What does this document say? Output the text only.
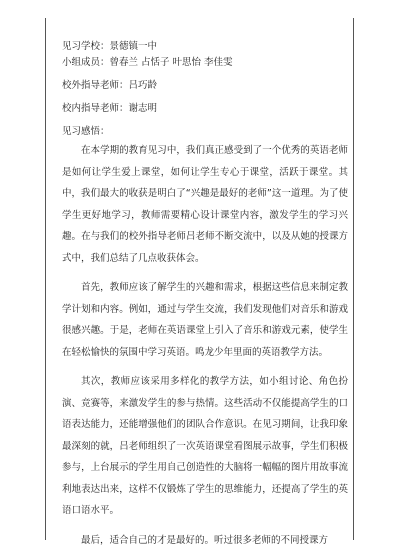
见习学校：景德镇一中
小组成员：曾春兰 占恬子 叶思怡 李佳雯
校外指导老师：吕巧龄
校内指导老师：谢志明
见习感悟：

在本学期的教育见习中，我们真正感受到了一个优秀的英语老师是如何让学生爱上课堂，如何让学生专心于课堂，活跃于课堂。其中，我们最大的收获是明白了“兴趣是最好的老师”这一道理。为了使学生更好地学习，教师需要精心设计课堂内容，激发学生的学习兴趣。在与我们的校外指导老师吕老师不断交流中，以及从她的授课方式中，我们总结了几点收获体会。

首先，教师应该了解学生的兴趣和需求，根据这些信息来制定教学计划和内容。例如，通过与学生交流，我们发现他们对音乐和游戏很感兴趣。于是，老师在英语课堂上引入了音乐和游戏元素，使学生在轻松愉快的氛围中学习英语。鸣龙少年里面的英语教学方法。

其次，教师应该采用多样化的教学方法，如小组讨论、角色扮演、竞赛等，来激发学生的参与热情。这些活动不仅能提高学生的口语表达能力，还能增强他们的团队合作意识。在见习期间，让我印象最深刻的就，吕老师组织了一次英语课堂看图展示故事，学生们积极参与，上台展示的学生用自己创造性的大脑将一幅幅的图片用故事流利地表达出来，这样不仅锻炼了学生的思维能力，还提高了学生的英语口语水平。

最后，适合自己的才是最好的。听过很多老师的不同授课方
